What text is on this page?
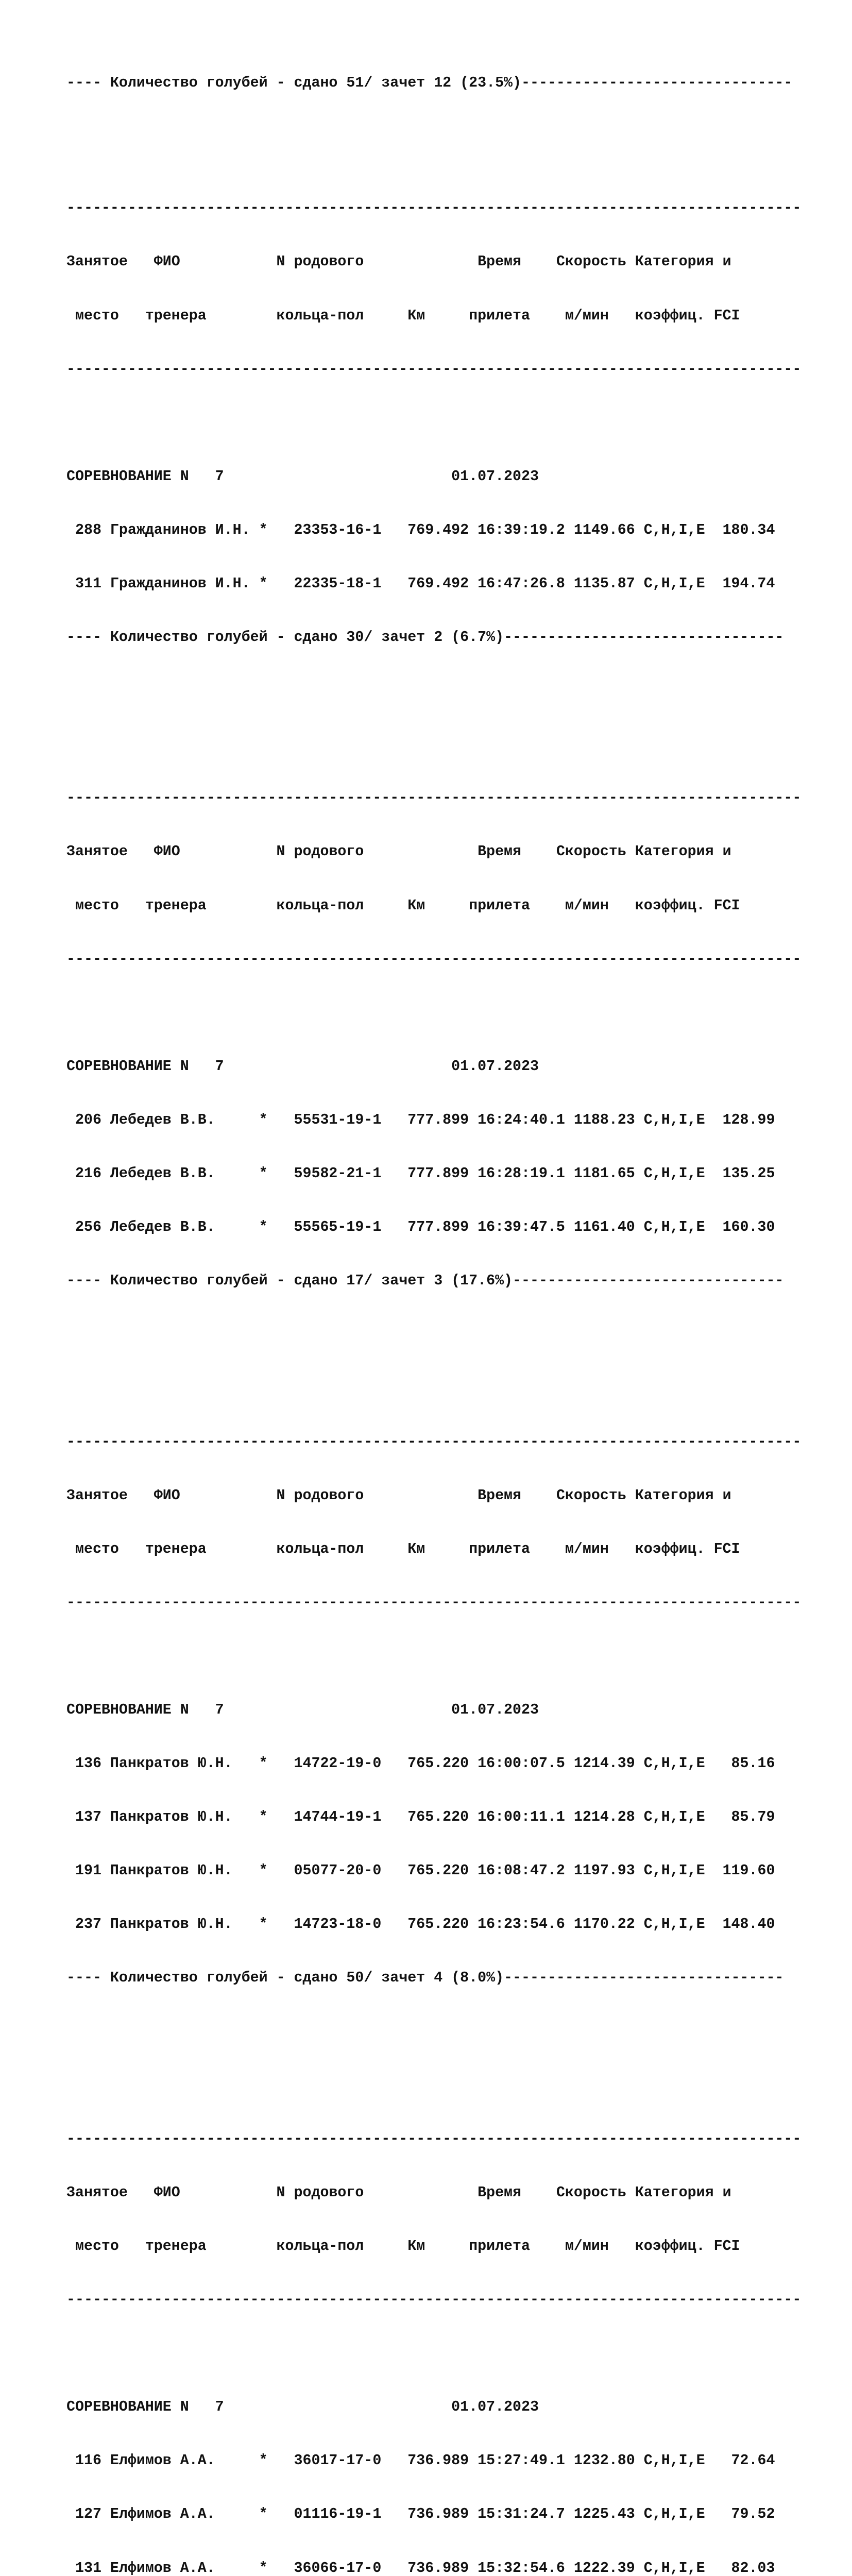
---- Количество голубей - сдано 51/ зачет 12 (23.5%)-------------------------------

------------------------------------------------------------------------------------

Занятое   ФИО           N родового             Время    Скорость Категория и

место   тренера        кольца-пол     Км     прилета    м/мин   коэффиц. FCI

------------------------------------------------------------------------------------

СОРЕВНОВАНИЕ N   7                          01.07.2023

288 Гражданинов И.Н. *   23353-16-1   769.492 16:39:19.2 1149.66 C,H,I,E  180.34

311 Гражданинов И.Н. *   22335-18-1   769.492 16:47:26.8 1135.87 C,H,I,E  194.74

---- Количество голубей - сдано 30/ зачет 2 (6.7%)--------------------------------

------------------------------------------------------------------------------------

Занятое   ФИО           N родового             Время    Скорость Категория и

место   тренера        кольца-пол     Км     прилета    м/мин   коэффиц. FCI

------------------------------------------------------------------------------------

СОРЕВНОВАНИЕ N   7                          01.07.2023

206 Лебедев В.В.     *   55531-19-1   777.899 16:24:40.1 1188.23 C,H,I,E  128.99

216 Лебедев В.В.     *   59582-21-1   777.899 16:28:19.1 1181.65 C,H,I,E  135.25

256 Лебедев В.В.     *   55565-19-1   777.899 16:39:47.5 1161.40 C,H,I,E  160.30

---- Количество голубей - сдано 17/ зачет 3 (17.6%)-------------------------------

------------------------------------------------------------------------------------

Занятое   ФИО           N родового             Время    Скорость Категория и

место   тренера        кольца-пол     Км     прилета    м/мин   коэффиц. FCI

------------------------------------------------------------------------------------

СОРЕВНОВАНИЕ N   7                          01.07.2023

136 Панкратов Ю.Н.   *   14722-19-0   765.220 16:00:07.5 1214.39 C,H,I,E   85.16

137 Панкратов Ю.Н.   *   14744-19-1   765.220 16:00:11.1 1214.28 C,H,I,E   85.79

191 Панкратов Ю.Н.   *   05077-20-0   765.220 16:08:47.2 1197.93 C,H,I,E  119.60

237 Панкратов Ю.Н.   *   14723-18-0   765.220 16:23:54.6 1170.22 C,H,I,E  148.40

---- Количество голубей - сдано 50/ зачет 4 (8.0%)--------------------------------

------------------------------------------------------------------------------------

Занятое   ФИО           N родового             Время    Скорость Категория и

место   тренера        кольца-пол     Км     прилета    м/мин   коэффиц. FCI

------------------------------------------------------------------------------------

СОРЕВНОВАНИЕ N   7                          01.07.2023

116 Елфимов А.А.     *   36017-17-0   736.989 15:27:49.1 1232.80 C,H,I,E   72.64

127 Елфимов А.А.     *   01116-19-1   736.989 15:31:24.7 1225.43 C,H,I,E   79.52

131 Елфимов А.А.     *   36066-17-0   736.989 15:32:54.6 1222.39 C,H,I,E   82.03
